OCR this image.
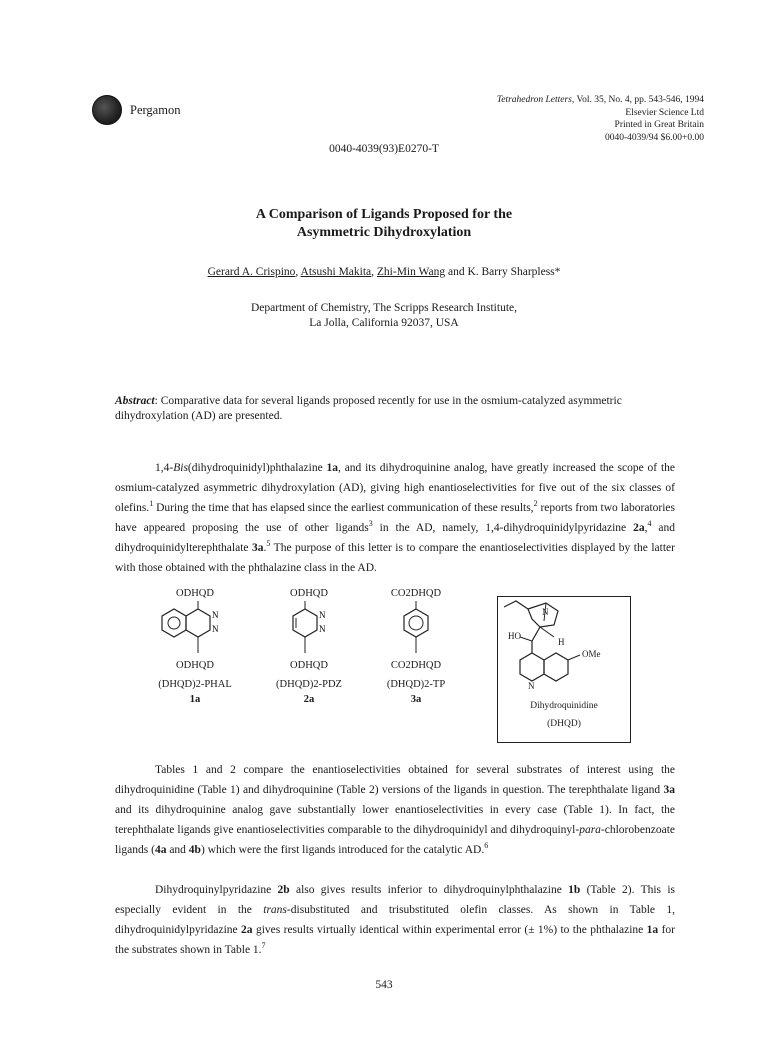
Pergamon
Tetrahedron Letters, Vol. 35, No. 4, pp. 543-546, 1994
Elsevier Science Ltd
Printed in Great Britain
0040-4039/94 $6.00+0.00
0040-4039(93)E0270-T
A Comparison of Ligands Proposed for the
Asymmetric Dihydroxylation
Gerard A. Crispino, Atsushi Makita, Zhi-Min Wang and K. Barry Sharpless*
Department of Chemistry, The Scripps Research Institute,
La Jolla, California 92037, USA
Abstract: Comparative data for several ligands proposed recently for use in the osmium-catalyzed asymmetric dihydroxylation (AD) are presented.

1,4-Bis(dihydroquinidyl)phthalazine 1a, and its dihydroquinine analog, have greatly increased the scope of the osmium-catalyzed asymmetric dihydroxylation (AD), giving high enantioselectivities for five out of the six classes of olefins.$^1$ During the time that has elapsed since the earliest communication of these results,$^2$ reports from two laboratories have appeared proposing the use of other ligands$^3$ in the AD, namely, 1,4-dihydroquinidylpyridazine 2a,$^4$ and dihydroquinidylterephthalate 3a.$^5$ The purpose of this letter is to compare the enantioselectivities displayed by the latter with those obtained with the phthalazine class in the AD.

ODHQD
N
N
ODHQD
(DHQD)2-PHAL
1a
ODHQD
N
N
ODHQD
(DHQD)2-PDZ
2a
CO2DHQD
CO2DHQD
(DHQD)2-TP
3a
HO
H
OMe
N
N
Dihydroquinidine
(DHQD)

Tables 1 and 2 compare the enantioselectivities obtained for several substrates of interest using the dihydroquinidine (Table 1) and dihydroquinine (Table 2) versions of the ligands in question. The terephthalate ligand 3a and its dihydroquinine analog gave substantially lower enantioselectivities in every case (Table 1). In fact, the terephthalate ligands give enantioselectivities comparable to the dihydroquinidyl and dihydroquinyl-para-chlorobenzoate ligands (4a and 4b) which were the first ligands introduced for the catalytic AD.$^6$

Dihydroquinylpyridazine 2b also gives results inferior to dihydroquinylphthalazine 1b (Table 2). This is especially evident in the trans-disubstituted and trisubstituted olefin classes. As shown in Table 1, dihydroquinidylpyridazine 2a gives results virtually identical within experimental error (± 1%) to the phthalazine 1a for the substrates shown in Table 1.$^7$

543
